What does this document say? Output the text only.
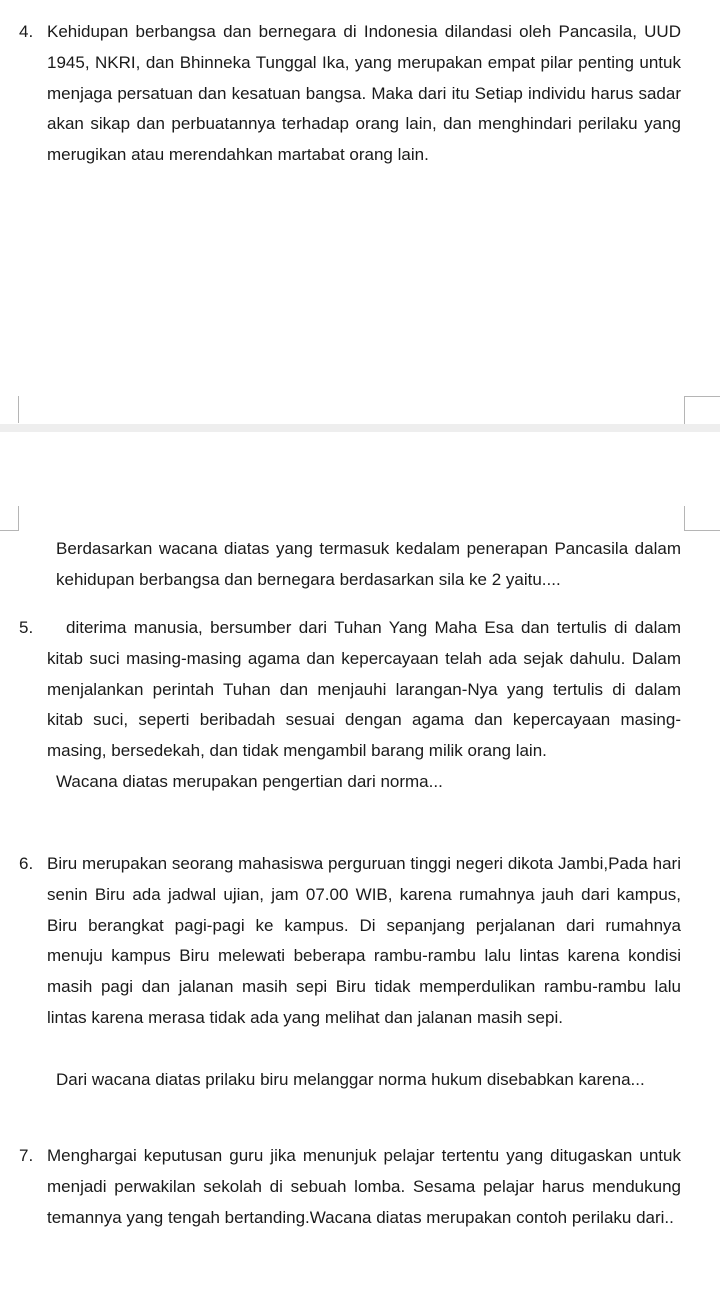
4. Kehidupan berbangsa dan bernegara di Indonesia dilandasi oleh Pancasila, UUD 1945, NKRI, dan Bhinneka Tunggal Ika, yang merupakan empat pilar penting untuk menjaga persatuan dan kesatuan bangsa. Maka dari itu Setiap individu harus sadar akan sikap dan perbuatannya terhadap orang lain, dan menghindari perilaku yang merugikan atau merendahkan martabat orang lain.
Berdasarkan wacana diatas yang termasuk kedalam penerapan Pancasila dalam kehidupan berbangsa dan bernegara berdasarkan sila ke 2 yaitu....
5.	diterima manusia, bersumber dari Tuhan Yang Maha Esa dan tertulis di dalam kitab suci masing-masing agama dan kepercayaan telah ada sejak dahulu. Dalam menjalankan perintah Tuhan dan menjauhi larangan-Nya yang tertulis di dalam kitab suci, seperti beribadah sesuai dengan agama dan kepercayaan masing- masing, bersedekah, dan tidak mengambil barang milik orang lain.
Wacana diatas merupakan pengertian dari norma...
6. Biru merupakan seorang mahasiswa perguruan tinggi negeri dikota Jambi,Pada hari senin Biru ada jadwal ujian, jam 07.00 WIB, karena rumahnya jauh dari kampus, Biru berangkat pagi-pagi ke kampus. Di sepanjang perjalanan dari rumahnya menuju kampus Biru melewati beberapa rambu-rambu lalu lintas karena kondisi masih pagi dan jalanan masih sepi Biru tidak memperdulikan rambu-rambu lalu lintas karena merasa tidak ada yang melihat dan jalanan masih sepi.
Dari wacana diatas prilaku biru melanggar norma hukum disebabkan karena...
7. Menghargai keputusan guru jika menunjuk pelajar tertentu yang ditugaskan untuk menjadi perwakilan sekolah di sebuah lomba. Sesama pelajar harus mendukung temannya yang tengah bertanding.Wacana diatas merupakan contoh perilaku dari..
